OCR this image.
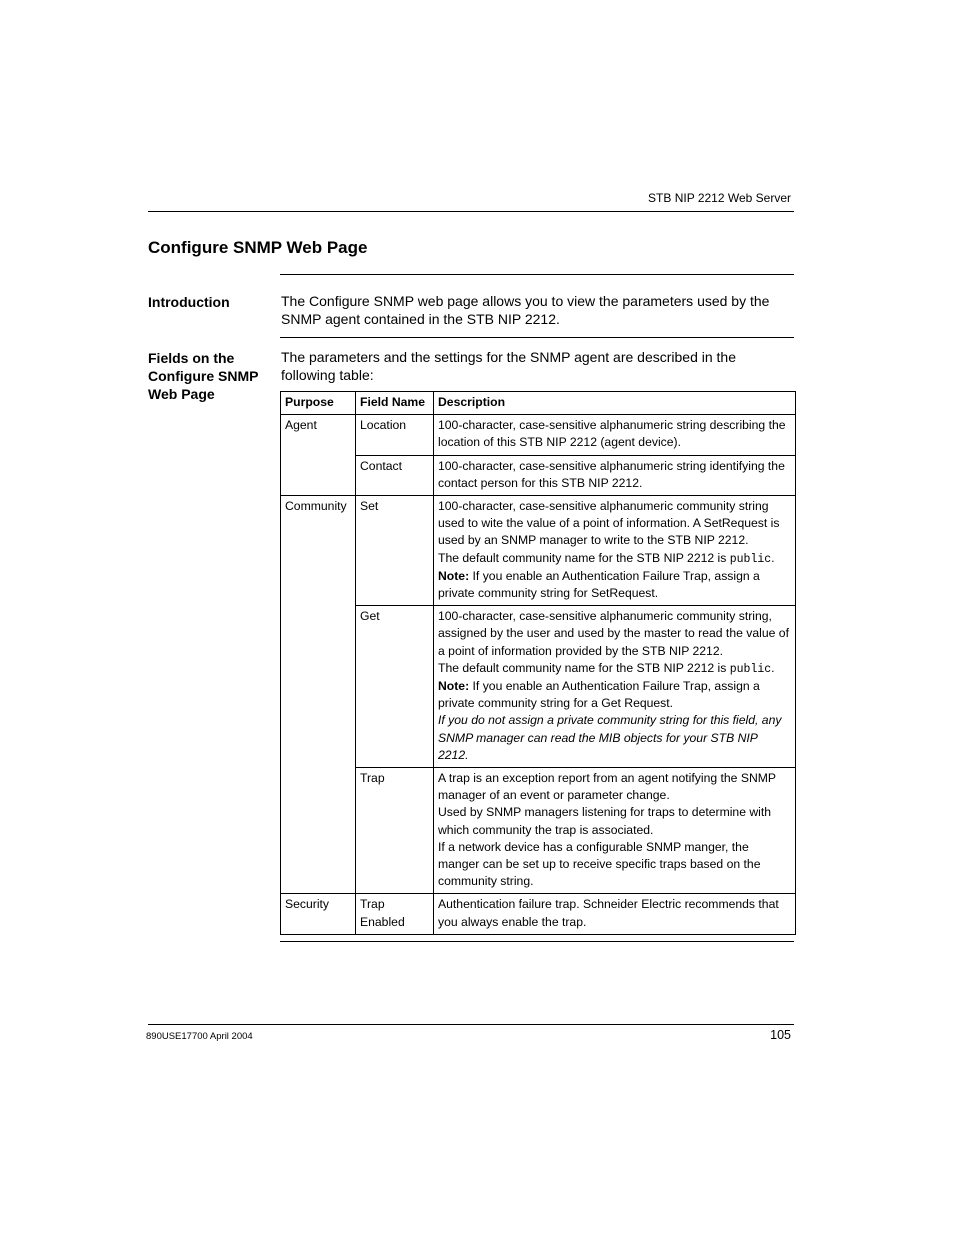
STB NIP 2212 Web Server
Configure SNMP Web Page
Introduction	The Configure SNMP web page allows you to view the parameters used by the SNMP agent contained in the STB NIP 2212.
Fields on the Configure SNMP Web Page
The parameters and the settings for the SNMP agent are described in the following table:
Purpose	Field Name	Description
Agent	Location	100-character, case-sensitive alphanumeric string describing the location of this STB NIP 2212 (agent device).

	Contact	100-character, case-sensitive alphanumeric string identifying the contact person for this STB NIP 2212.

Community	Set	100-character, case-sensitive alphanumeric community string used to wite the value of a point of information. A SetRequest is used by an SNMP manager to write to the STB NIP 2212.

The default community name for the STB NIP 2212 is public.

Note: If you enable an Authentication Failure Trap, assign a private community string for SetRequest.

	Get	100-character, case-sensitive alphanumeric community string, assigned by the user and used by the master to read the value of a point of information provided by the STB NIP 2212.

The default community name for the STB NIP 2212 is public.

Note: If you enable an Authentication Failure Trap, assign a private community string for a Get Request.

If you do not assign a private community string for this field, any SNMP manager can read the MIB objects for your STB NIP 2212.

	Trap	A trap is an exception report from an agent notifying the SNMP manager of an event or parameter change.

Used by SNMP managers listening for traps to determine with which community the trap is associated.

If a network device has a configurable SNMP manger, the manger can be set up to receive specific traps based on the community string.

Security	Trap Enabled	Authentication failure trap. Schneider Electric recommends that you always enable the trap.

890USE17700 April 2004	105
